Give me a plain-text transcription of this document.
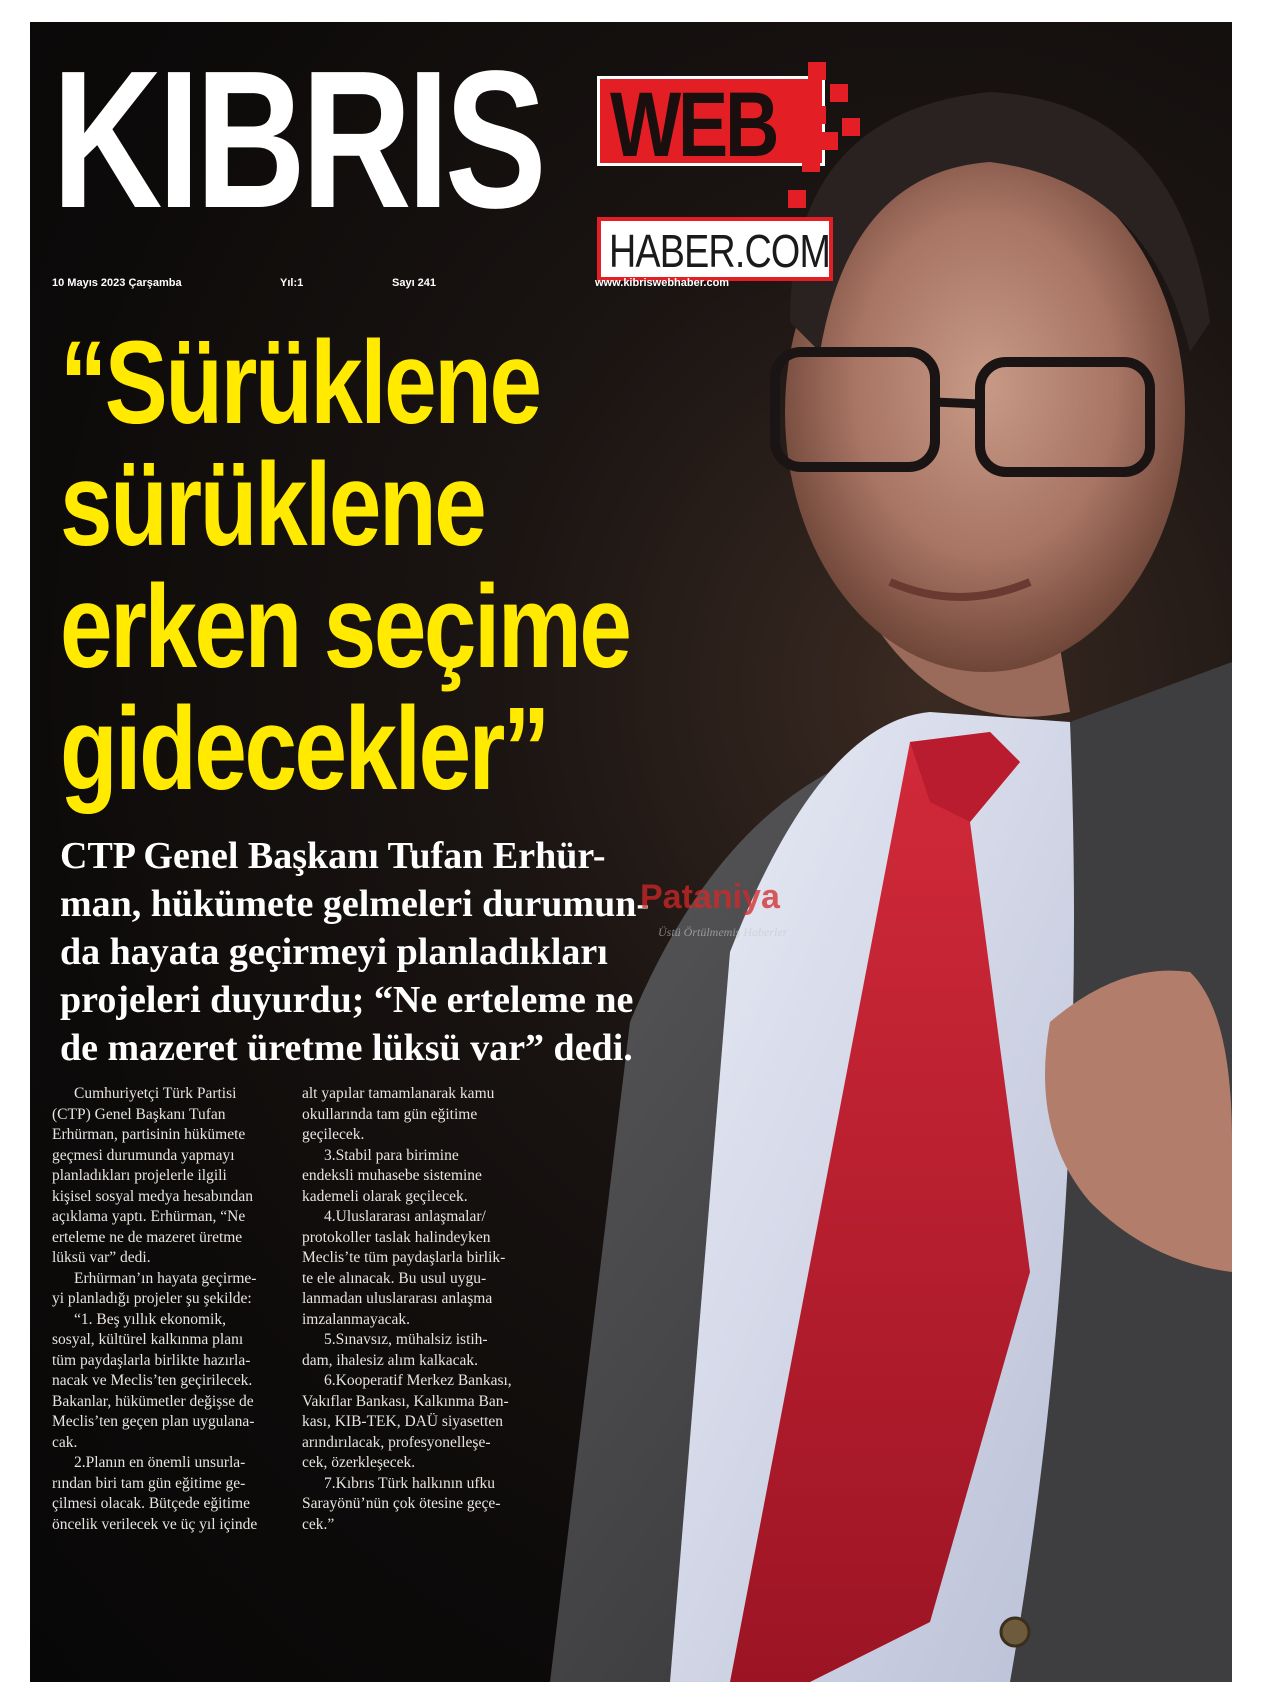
KIBRIS WEB
HABER.COM
10 Mayıs 2023 Çarşamba	Yıl:1	Sayı 241	www.kibriswebhaber.com
“Sürüklene
sürüklene
erken seçime
gidecekler”
CTP Genel Başkanı Tufan Erhür-
man, hükümete gelmeleri durumun-
da hayata geçirmeyi planladıkları
projeleri duyurdu; “Ne erteleme ne
de mazeret üretme lüksü var” dedi.
Pataniya
Üstü Örtülmemiş Haberler

Cumhuriyetçi Türk Partisi

(CTP) Genel Başkanı Tufan

Erhürman, partisinin hükümete

geçmesi durumunda yapmayı

planladıkları projelerle ilgili

kişisel sosyal medya hesabından

açıklama yaptı. Erhürman, “Ne

erteleme ne de mazeret üretme

lüksü var” dedi.

Erhürman’ın hayata geçirme-

yi planladığı projeler şu şekilde:

“1. Beş yıllık ekonomik,

sosyal, kültürel kalkınma planı

tüm paydaşlarla birlikte hazırla-

nacak ve Meclis’ten geçirilecek.

Bakanlar, hükümetler değişse de

Meclis’ten geçen plan uygulana-

cak.

2.Planın en önemli unsurla-

rından biri tam gün eğitime ge-

çilmesi olacak. Bütçede eğitime

öncelik verilecek ve üç yıl içinde

alt yapılar tamamlanarak kamu

okullarında tam gün eğitime

geçilecek.

3.Stabil para birimine

endeksli muhasebe sistemine

kademeli olarak geçilecek.

4.Uluslararası anlaşmalar/

protokoller taslak halindeyken

Meclis’te tüm paydaşlarla birlik-

te ele alınacak. Bu usul uygu-

lanmadan uluslararası anlaşma

imzalanmayacak.

5.Sınavsız, mühalsiz istih-

dam, ihalesiz alım kalkacak.

6.Kooperatif Merkez Bankası,

Vakıflar Bankası, Kalkınma Ban-

kası, KIB-TEK, DAÜ siyasetten

arındırılacak, profesyonelleşe-

cek, özerkleşecek.

7.Kıbrıs Türk halkının ufku

Sarayönü’nün çok ötesine geçe-

cek.”
